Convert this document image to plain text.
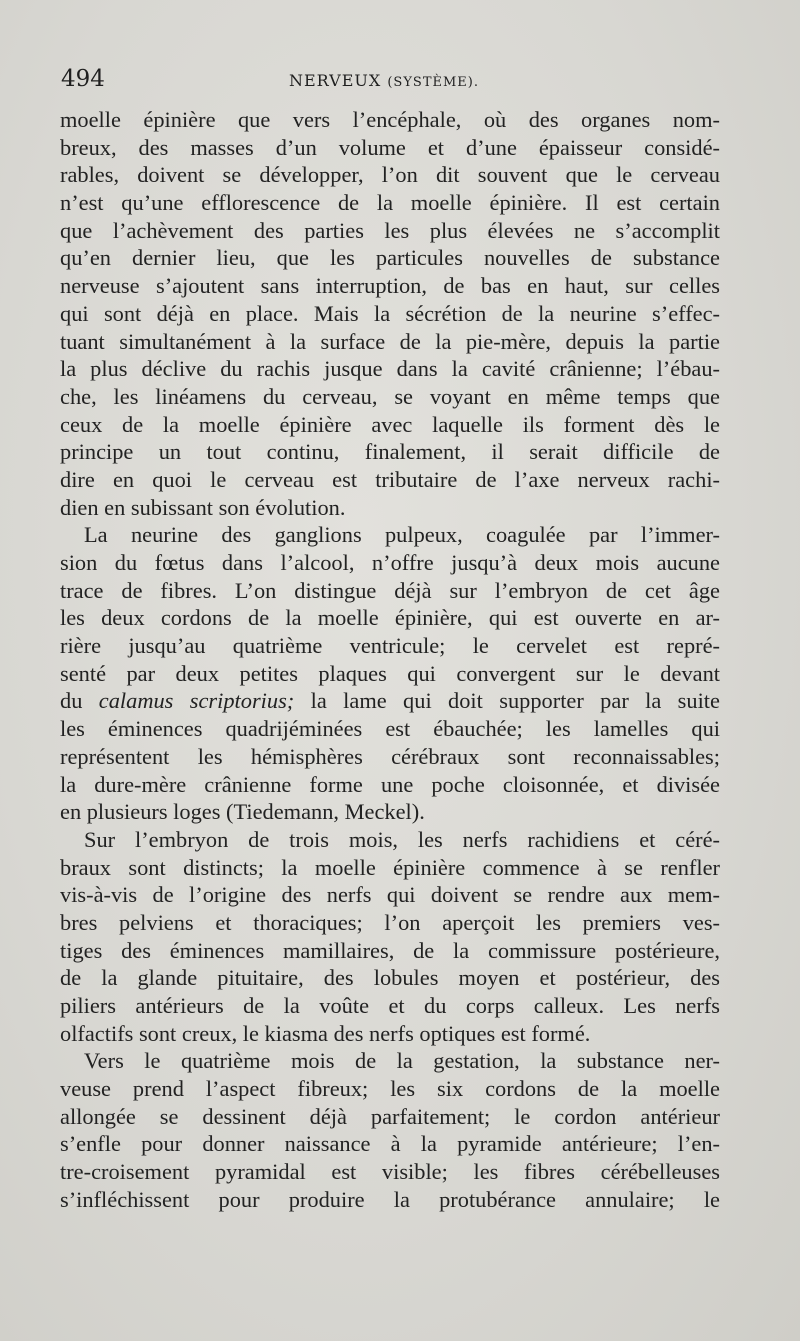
494	NERVEUX (SYSTÈME).
moelle épinière que vers l’encéphale, où des organes nom-
breux, des masses d’un volume et d’une épaisseur considé-
rables, doivent se développer, l’on dit souvent que le cerveau
n’est qu’une efflorescence de la moelle épinière. Il est certain
que l’achèvement des parties les plus élevées ne s’accomplit
qu’en dernier lieu, que les particules nouvelles de substance
nerveuse s’ajoutent sans interruption, de bas en haut, sur celles
qui sont déjà en place. Mais la sécrétion de la neurine s’effec-
tuant simultanément à la surface de la pie-mère, depuis la partie
la plus déclive du rachis jusque dans la cavité crânienne; l’ébau-
che, les linéamens du cerveau, se voyant en même temps que
ceux de la moelle épinière avec laquelle ils forment dès le
principe un tout continu, finalement, il serait difficile de
dire en quoi le cerveau est tributaire de l’axe nerveux rachi-
dien en subissant son évolution.
La neurine des ganglions pulpeux, coagulée par l’immer-
sion du fœtus dans l’alcool, n’offre jusqu’à deux mois aucune
trace de fibres. L’on distingue déjà sur l’embryon de cet âge
les deux cordons de la moelle épinière, qui est ouverte en ar-
rière jusqu’au quatrième ventricule; le cervelet est repré-
senté par deux petites plaques qui convergent sur le devant
du calamus scriptorius; la lame qui doit supporter par la suite
les éminences quadrijéminées est ébauchée; les lamelles qui
représentent les hémisphères cérébraux sont reconnaissables;
la dure-mère crânienne forme une poche cloisonnée, et divisée
en plusieurs loges (Tiedemann, Meckel).
Sur l’embryon de trois mois, les nerfs rachidiens et céré-
braux sont distincts; la moelle épinière commence à se renfler
vis-à-vis de l’origine des nerfs qui doivent se rendre aux mem-
bres pelviens et thoraciques; l’on aperçoit les premiers ves-
tiges des éminences mamillaires, de la commissure postérieure,
de la glande pituitaire, des lobules moyen et postérieur, des
piliers antérieurs de la voûte et du corps calleux. Les nerfs
olfactifs sont creux, le kiasma des nerfs optiques est formé.
Vers le quatrième mois de la gestation, la substance ner-
veuse prend l’aspect fibreux; les six cordons de la moelle
allongée se dessinent déjà parfaitement; le cordon antérieur
s’enfle pour donner naissance à la pyramide antérieure; l’en-
tre-croisement pyramidal est visible; les fibres cérébelleuses
s’infléchissent pour produire la protubérance annulaire; le
